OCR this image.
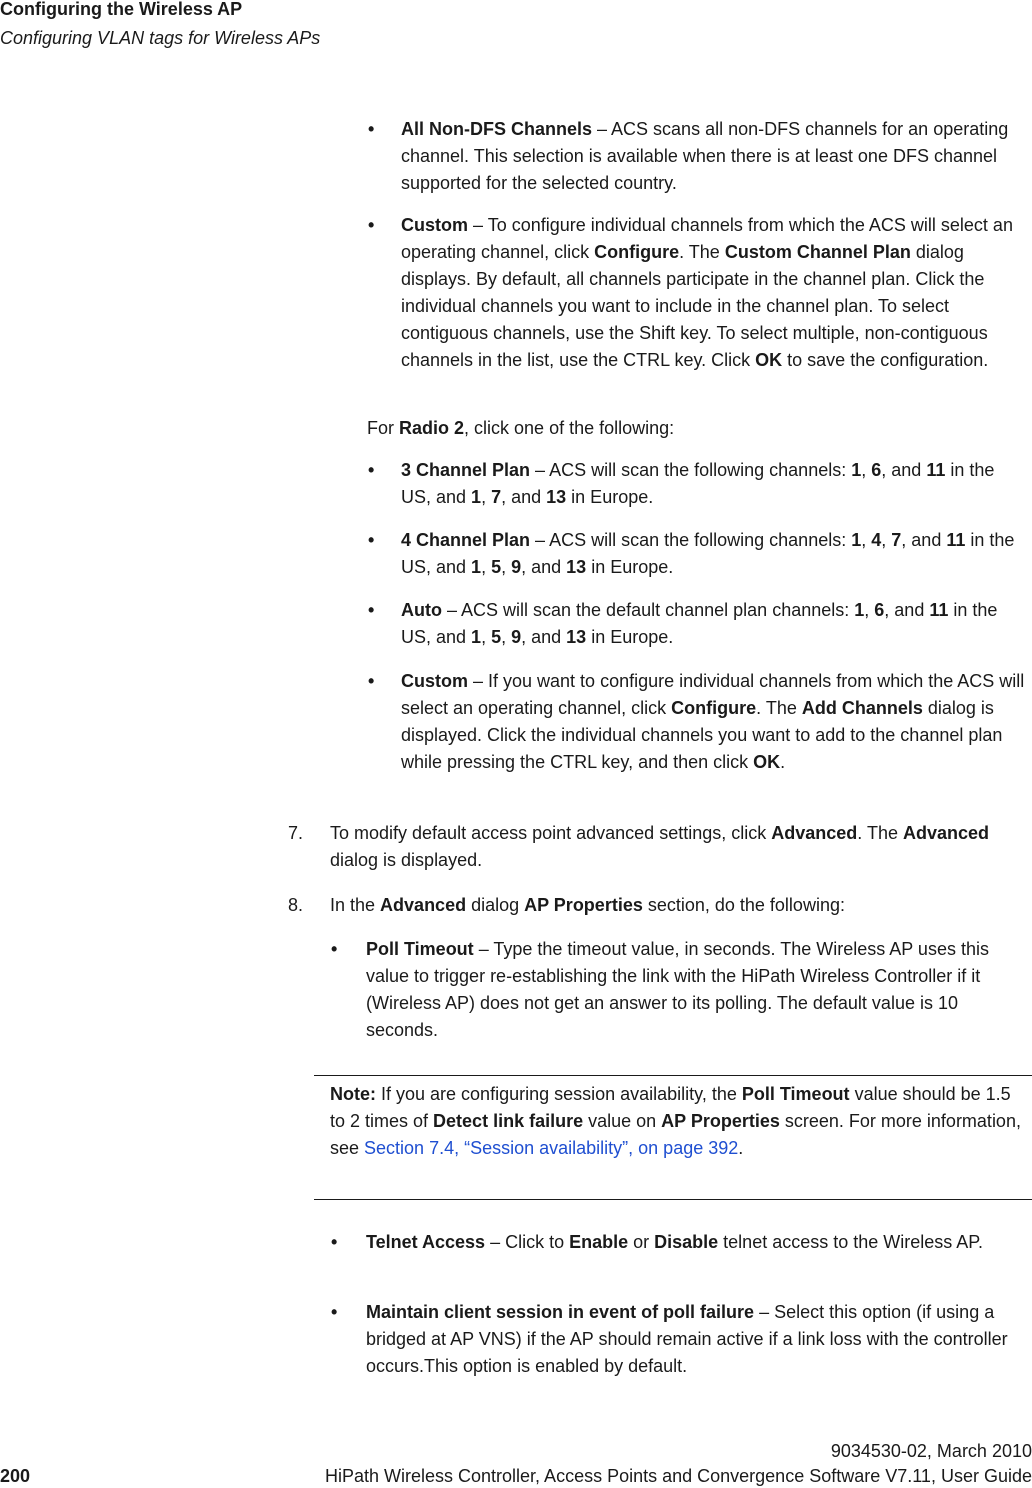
Configuring the Wireless AP
Configuring VLAN tags for Wireless APs
• All Non-DFS Channels – ACS scans all non-DFS channels for an operating channel. This selection is available when there is at least one DFS channel supported for the selected country.

• Custom – To configure individual channels from which the ACS will select an operating channel, click Configure. The Custom Channel Plan dialog displays. By default, all channels participate in the channel plan. Click the individual channels you want to include in the channel plan. To select contiguous channels, use the Shift key. To select multiple, non-contiguous channels in the list, use the CTRL key. Click OK to save the configuration.

For Radio 2, click one of the following:

• 3 Channel Plan – ACS will scan the following channels: 1, 6, and 11 in the US, and 1, 7, and 13 in Europe.

• 4 Channel Plan – ACS will scan the following channels: 1, 4, 7, and 11 in the US, and 1, 5, 9, and 13 in Europe.

• Auto – ACS will scan the default channel plan channels: 1, 6, and 11 in the US, and 1, 5, 9, and 13 in Europe.

• Custom – If you want to configure individual channels from which the ACS will select an operating channel, click Configure. The Add Channels dialog is displayed. Click the individual channels you want to add to the channel plan while pressing the CTRL key, and then click OK.

7. To modify default access point advanced settings, click Advanced. The Advanced dialog is displayed.

8. In the Advanced dialog AP Properties section, do the following:

• Poll Timeout – Type the timeout value, in seconds. The Wireless AP uses this value to trigger re-establishing the link with the HiPath Wireless Controller if it (Wireless AP) does not get an answer to its polling. The default value is 10 seconds.

Note: If you are configuring session availability, the Poll Timeout value should be 1.5 to 2 times of Detect link failure value on AP Properties screen. For more information, see Section 7.4, “Session availability”, on page 392.

• Telnet Access – Click to Enable or Disable telnet access to the Wireless AP.

• Maintain client session in event of poll failure – Select this option (if using a bridged at AP VNS) if the AP should remain active if a link loss with the controller occurs.This option is enabled by default.

9034530-02, March 2010
200	HiPath Wireless Controller, Access Points and Convergence Software V7.11, User Guide
